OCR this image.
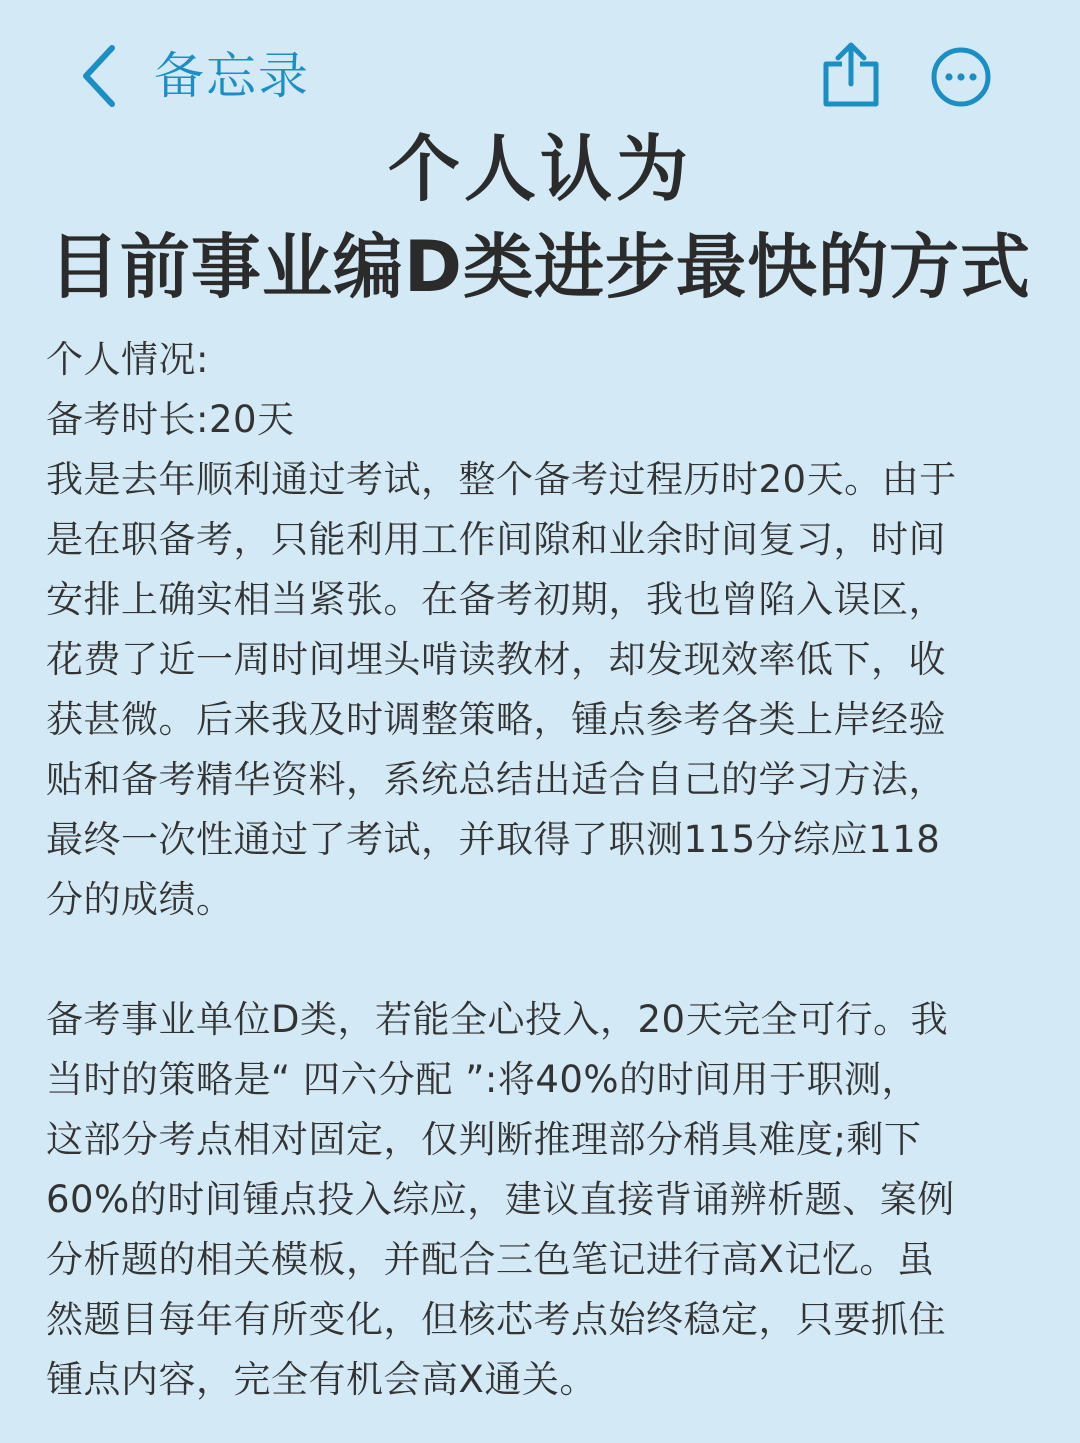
备忘录
个人认为
目前事业编D类进步最快的方式
个人情况:
备考时长:20天
我是去年顺利通过考试，整个备考过程历时20天。由于
是在职备考，只能利用工作间隙和业余时间复习，时间
安排上确实相当紧张。在备考初期，我也曾陷入误区，
花费了近一周时间埋头啃读教材，却发现效率低下，收
获甚微。后来我及时调整策略，锺点参考各类上岸经验
贴和备考精华资料，系统总结出适合自己的学习方法，
最终一次性通过了考试，并取得了职测115分综应118
分的成绩。
备考事业单位D类，若能全心投入，20天完全可行。我
当时的策略是“ 四六分配 ”:将40%的时间用于职测，
这部分考点相对固定，仅判断推理部分稍具难度;剩下
60%的时间锺点投入综应，建议直接背诵辨析题、案例
分析题的相关模板，并配合三色笔记进行高X记忆。虽
然题目每年有所变化，但核芯考点始终稳定，只要抓住
锺点内容，完全有机会高X通关。
